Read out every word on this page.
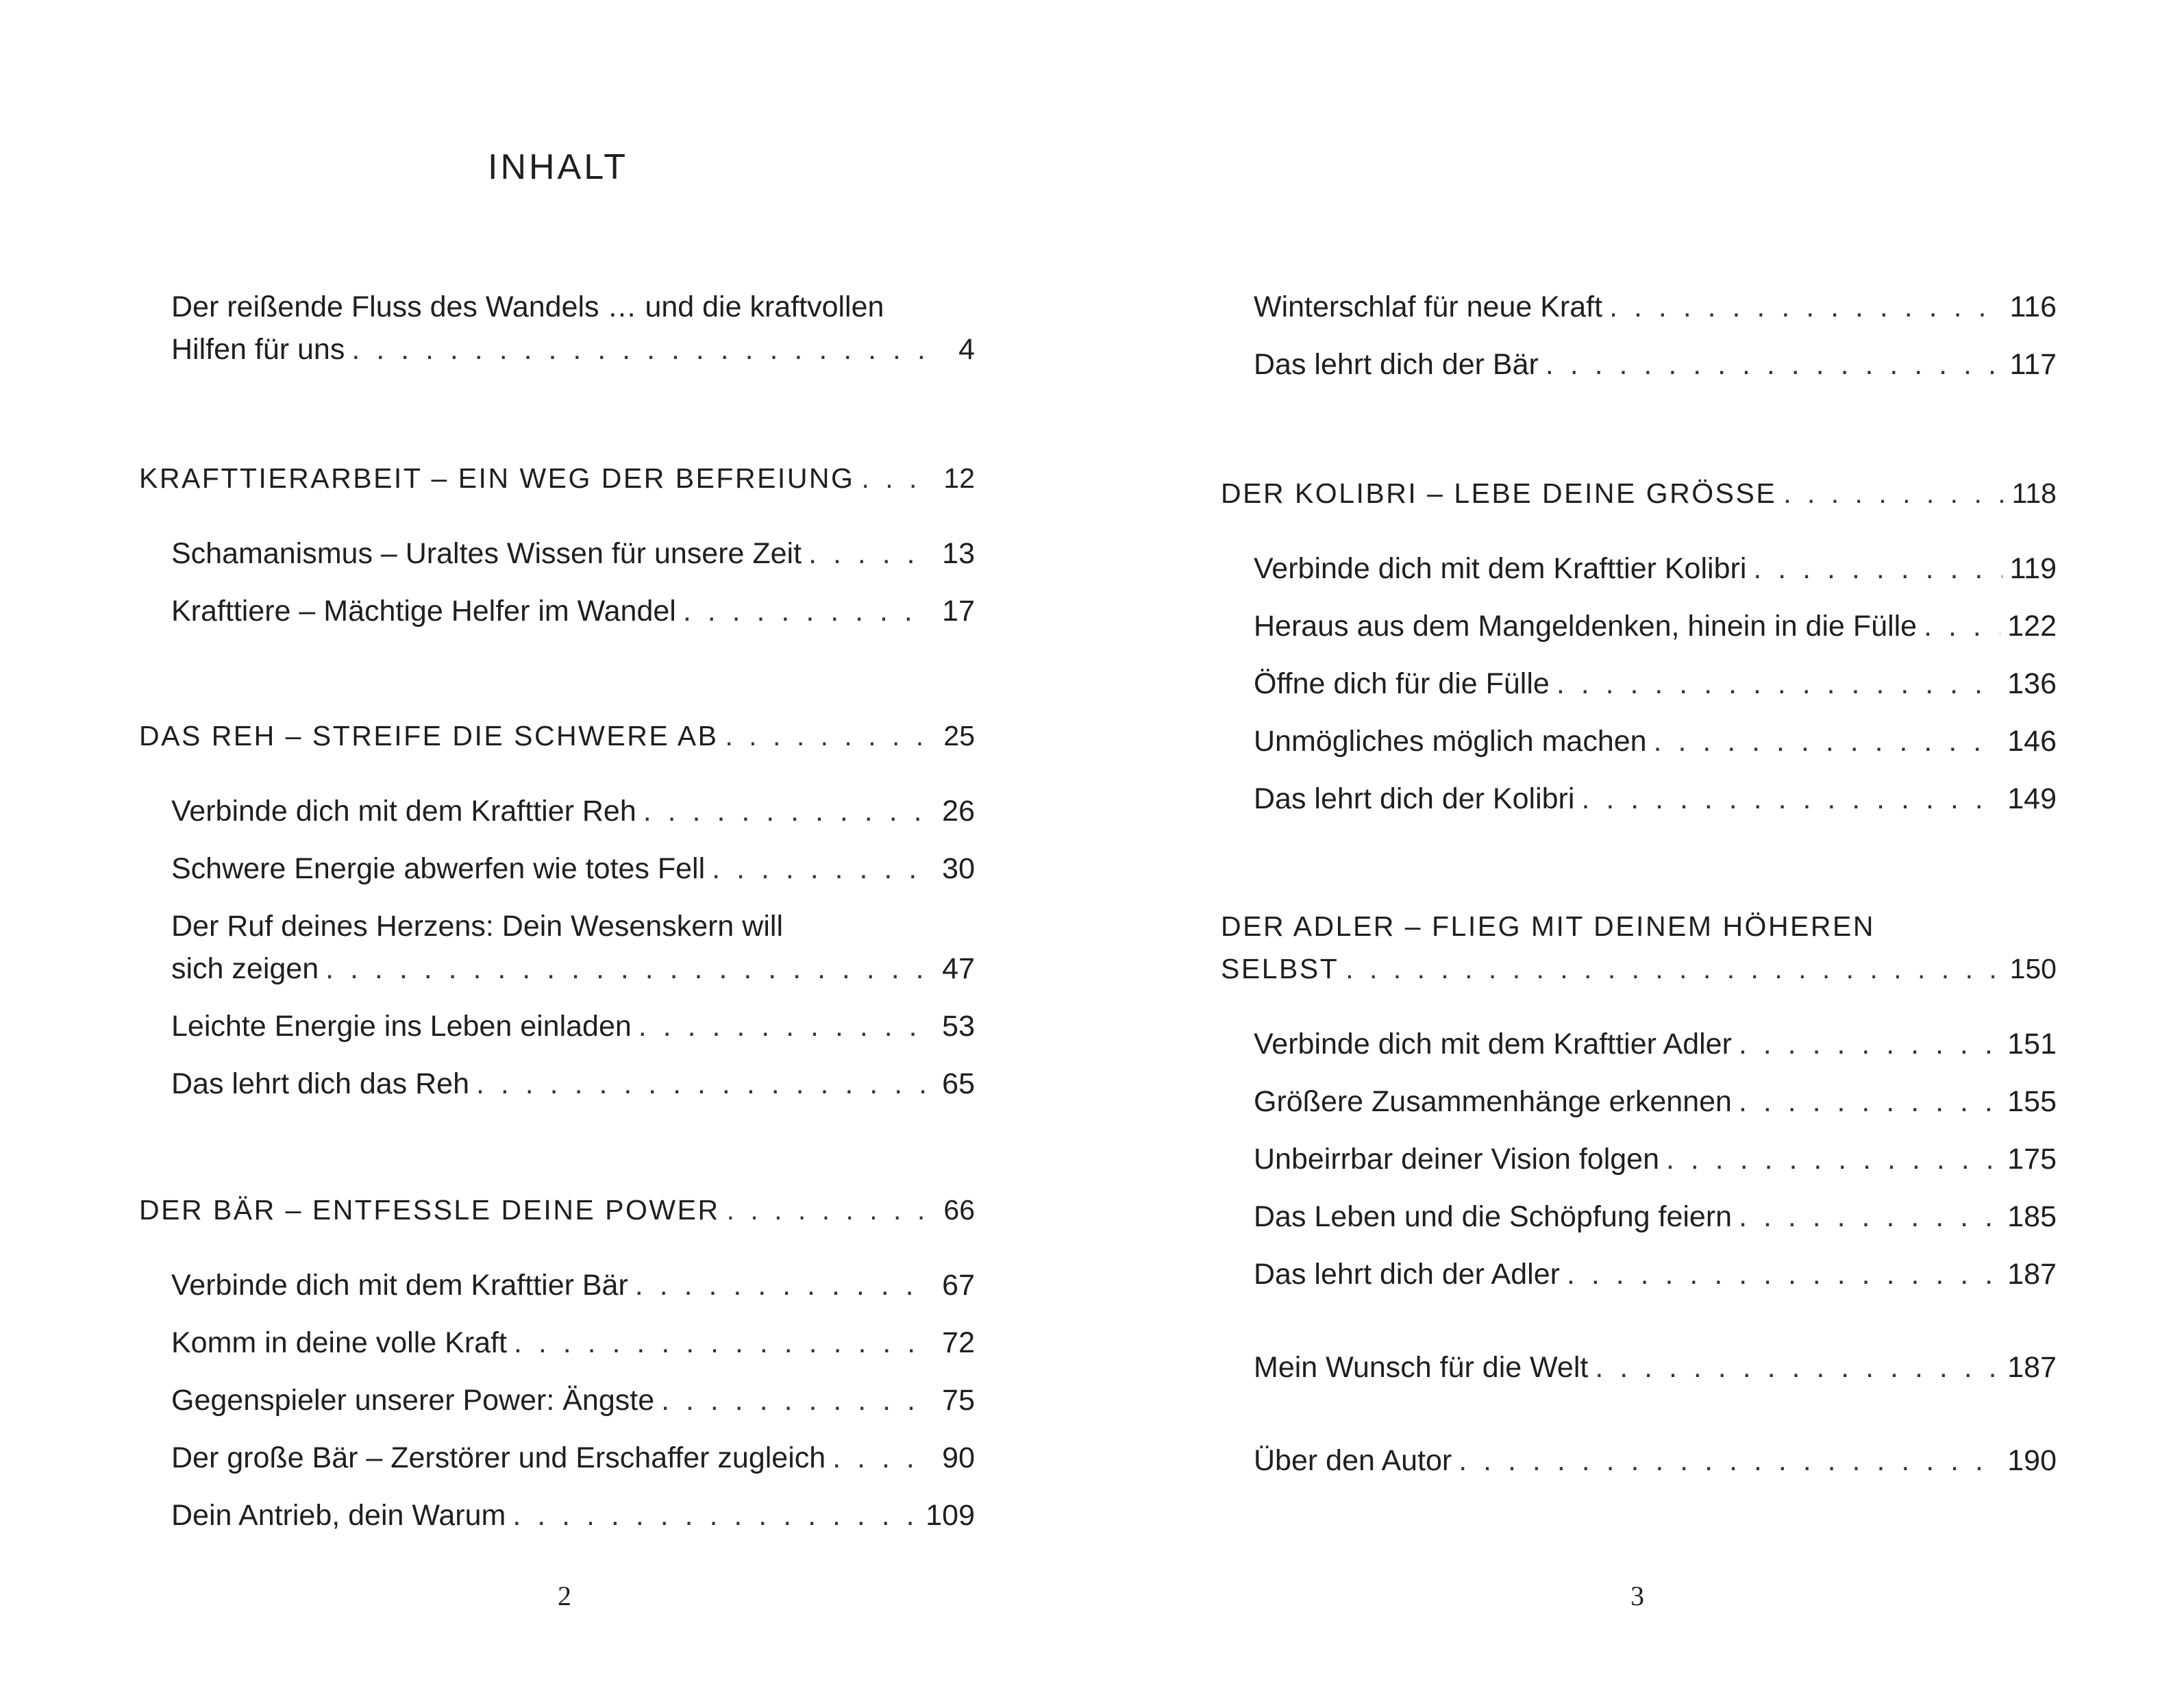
INHALT
Der reißende Fluss des Wandels … und die kraftvollen
Hilfen für uns . . .	4
KRAFTTIERARBEIT – EIN WEG DER BEFREIUNG . . .	12
Schamanismus – Uraltes Wissen für unsere Zeit . . .	13
Krafttiere – Mächtige Helfer im Wandel . . .	17
DAS REH – STREIFE DIE SCHWERE AB . . .	25
Verbinde dich mit dem Krafttier Reh . . .	26
Schwere Energie abwerfen wie totes Fell . . .	30
Der Ruf deines Herzens: Dein Wesenskern will
sich zeigen . . .	47
Leichte Energie ins Leben einladen . . .	53
Das lehrt dich das Reh . . .	65
DER BÄR – ENTFESSLE DEINE POWER . . .	66
Verbinde dich mit dem Krafttier Bär . . .	67
Komm in deine volle Kraft . . .	72
Gegenspieler unserer Power: Ängste . . .	75
Der große Bär – Zerstörer und Erschaffer zugleich . . .	90
Dein Antrieb, dein Warum . . .	109
2
Winterschlaf für neue Kraft . . .	116
Das lehrt dich der Bär . . .	117
DER KOLIBRI – LEBE DEINE GRÖSSE . . .	118
Verbinde dich mit dem Krafttier Kolibri . . .	119
Heraus aus dem Mangeldenken, hinein in die Fülle . . .	122
Öffne dich für die Fülle . . .	136
Unmögliches möglich machen . . .	146
Das lehrt dich der Kolibri . . .	149
DER ADLER – FLIEG MIT DEINEM HÖHEREN
SELBST . . .	150
Verbinde dich mit dem Krafttier Adler . . .	151
Größere Zusammenhänge erkennen . . .	155
Unbeirrbar deiner Vision folgen . . .	175
Das Leben und die Schöpfung feiern . . .	185
Das lehrt dich der Adler . . .	187
Mein Wunsch für die Welt . . .	187
Über den Autor . . .	190
3
